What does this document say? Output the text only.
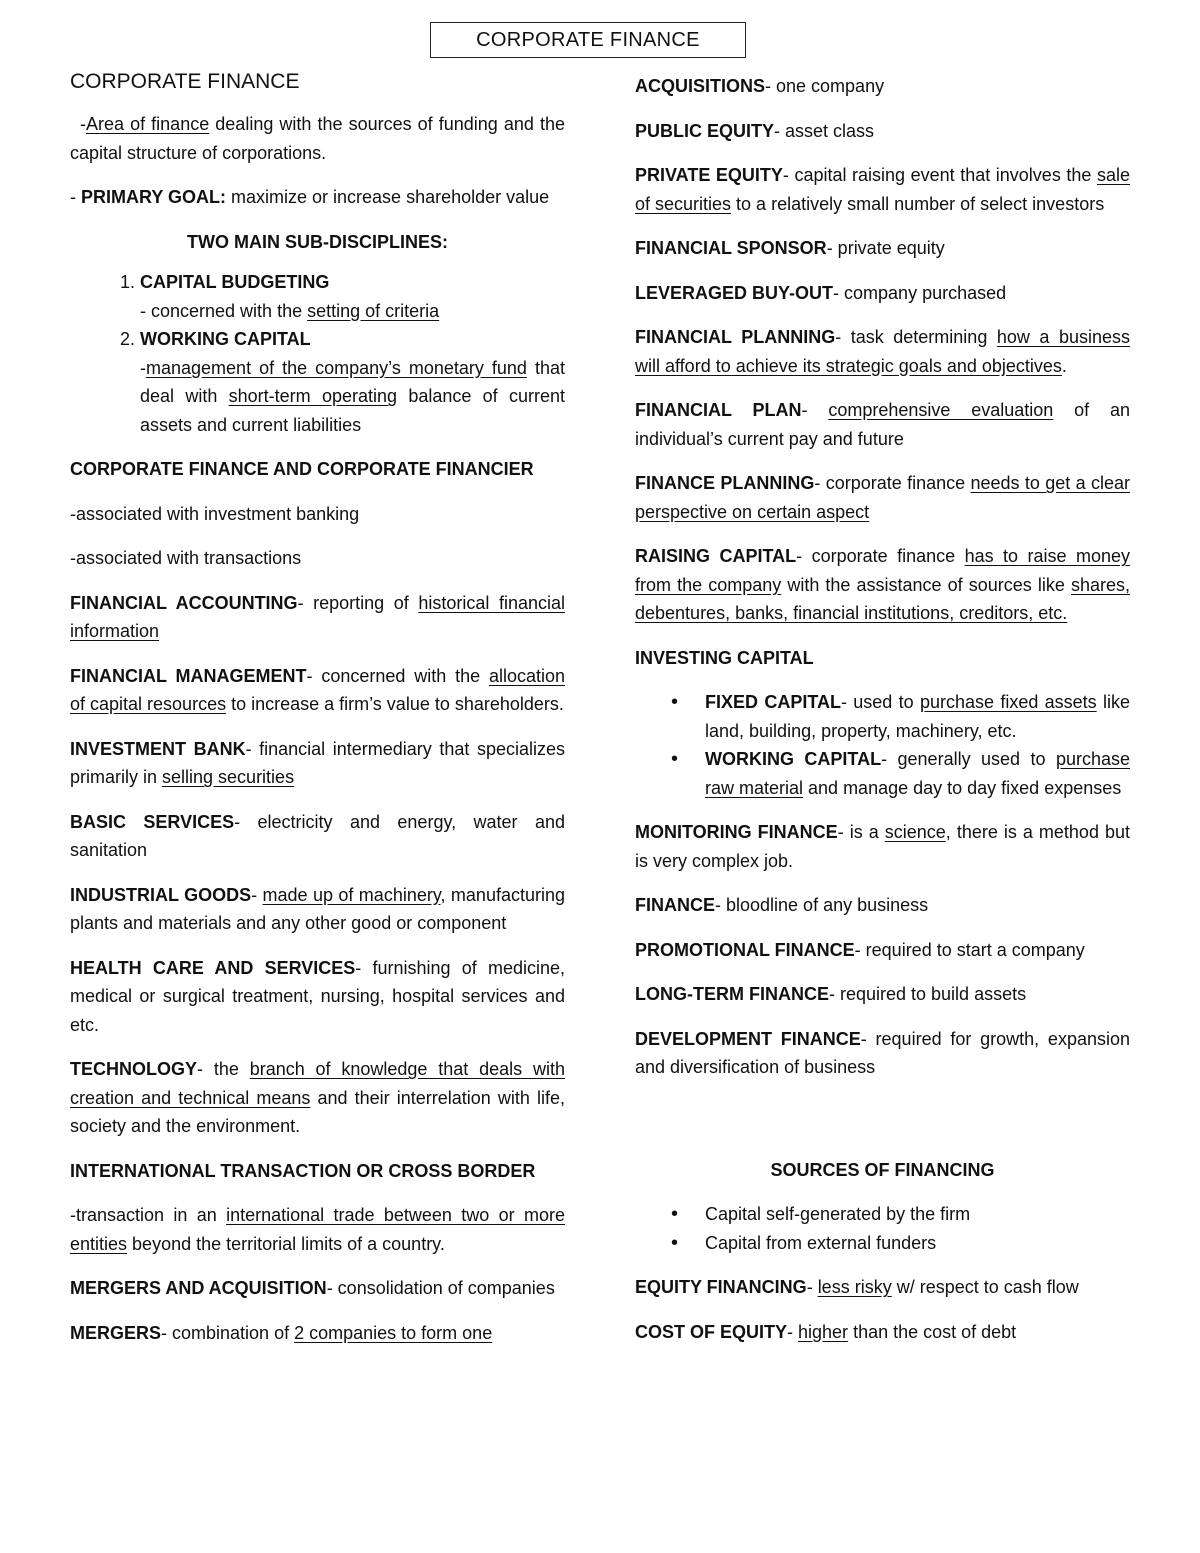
CORPORATE FINANCE

CORPORATE FINANCE

-Area of finance dealing with the sources of funding and the capital structure of corporations.

- PRIMARY GOAL: maximize or increase shareholder value

TWO MAIN SUB-DISCIPLINES:

1. CAPITAL BUDGETING
- concerned with the setting of criteria
2. WORKING CAPITAL
-management of the company’s monetary fund that deal with short-term operating balance of current assets and current liabilities

CORPORATE FINANCE AND CORPORATE FINANCIER

-associated with investment banking

-associated with transactions

FINANCIAL ACCOUNTING- reporting of historical financial information

FINANCIAL MANAGEMENT- concerned with the allocation of capital resources to increase a firm’s value to shareholders.

INVESTMENT BANK- financial intermediary that specializes primarily in selling securities

BASIC SERVICES- electricity and energy, water and sanitation

INDUSTRIAL GOODS- made up of machinery, manufacturing plants and materials and any other good or component

HEALTH CARE AND SERVICES- furnishing of medicine, medical or surgical treatment, nursing, hospital services and etc.

TECHNOLOGY- the branch of knowledge that deals with creation and technical means and their interrelation with life, society and the environment.

INTERNATIONAL TRANSACTION OR CROSS BORDER

-transaction in an international trade between two or more entities beyond the territorial limits of a country.

MERGERS AND ACQUISITION- consolidation of companies

MERGERS- combination of 2 companies to form one

ACQUISITIONS- one company

PUBLIC EQUITY- asset class

PRIVATE EQUITY- capital raising event that involves the sale of securities to a relatively small number of select investors

FINANCIAL SPONSOR- private equity

LEVERAGED BUY-OUT- company purchased

FINANCIAL PLANNING- task determining how a business will afford to achieve its strategic goals and objectives.

FINANCIAL PLAN- comprehensive evaluation of an individual’s current pay and future

FINANCE PLANNING- corporate finance needs to get a clear perspective on certain aspect

RAISING CAPITAL- corporate finance has to raise money from the company with the assistance of sources like shares, debentures, banks, financial institutions, creditors, etc.

INVESTING CAPITAL

• FIXED CAPITAL- used to purchase fixed assets like land, building, property, machinery, etc.
• WORKING CAPITAL- generally used to purchase raw material and manage day to day fixed expenses

MONITORING FINANCE- is a science, there is a method but is very complex job.

FINANCE- bloodline of any business

PROMOTIONAL FINANCE- required to start a company

LONG-TERM FINANCE- required to build assets

DEVELOPMENT FINANCE- required for growth, expansion and diversification of business

SOURCES OF FINANCING

• Capital self-generated by the firm
• Capital from external funders

EQUITY FINANCING- less risky w/ respect to cash flow

COST OF EQUITY- higher than the cost of debt
